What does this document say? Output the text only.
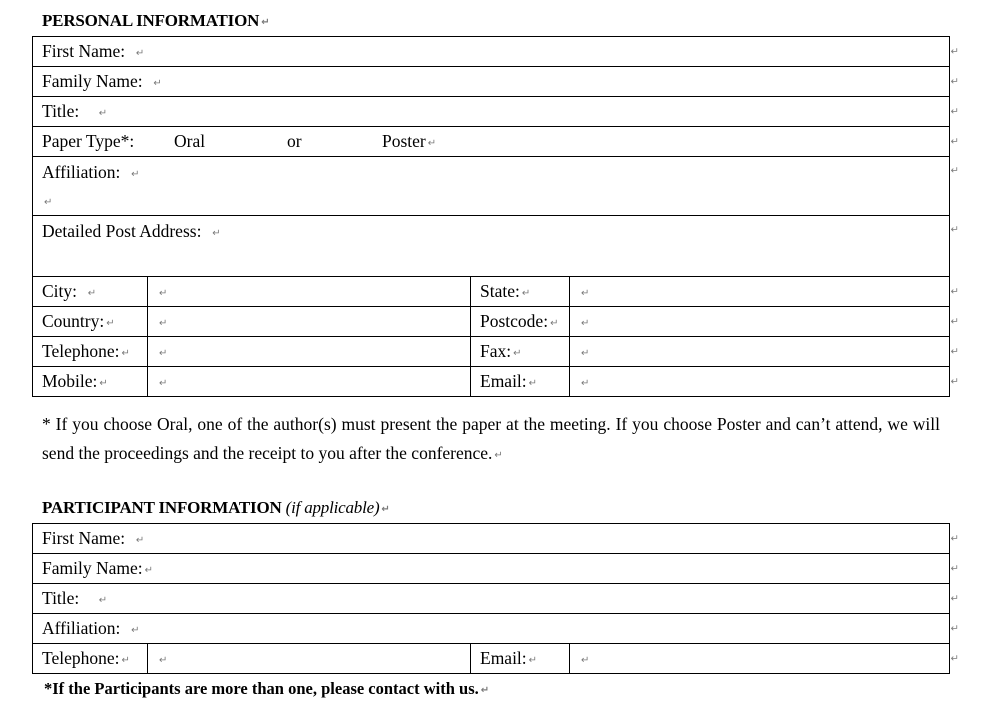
PERSONAL INFORMATION ↵
First Name: ↵ ↵			

Family Name: ↵ ↵			

Title: ↵ ↵			

Paper Type*: Oral or Poster ↵ ↵			

Affiliation: ↵
↵
↵			

Detailed Post Address: ↵ ↵			

City: ↵	↵	State: ↵	↵ ↵

Country: ↵	↵	Postcode: ↵	↵ ↵

Telephone: ↵	↵	Fax: ↵	↵ ↵

Mobile: ↵	↵	Email: ↵	↵ ↵
* If you choose Oral, one of the author(s) must present the paper at the meeting. If you choose Poster and can’t attend, we will send the proceedings and the receipt to you after the conference. ↵
PARTICIPANT INFORMATION (if applicable) ↵
First Name: ↵	↵

Family Name: ↵	↵

Title: ↵	↵

Affiliation: ↵	↵

Telephone: ↵	↵	Email: ↵	↵	↵
*If the Participants are more than one, please contact with us. ↵
